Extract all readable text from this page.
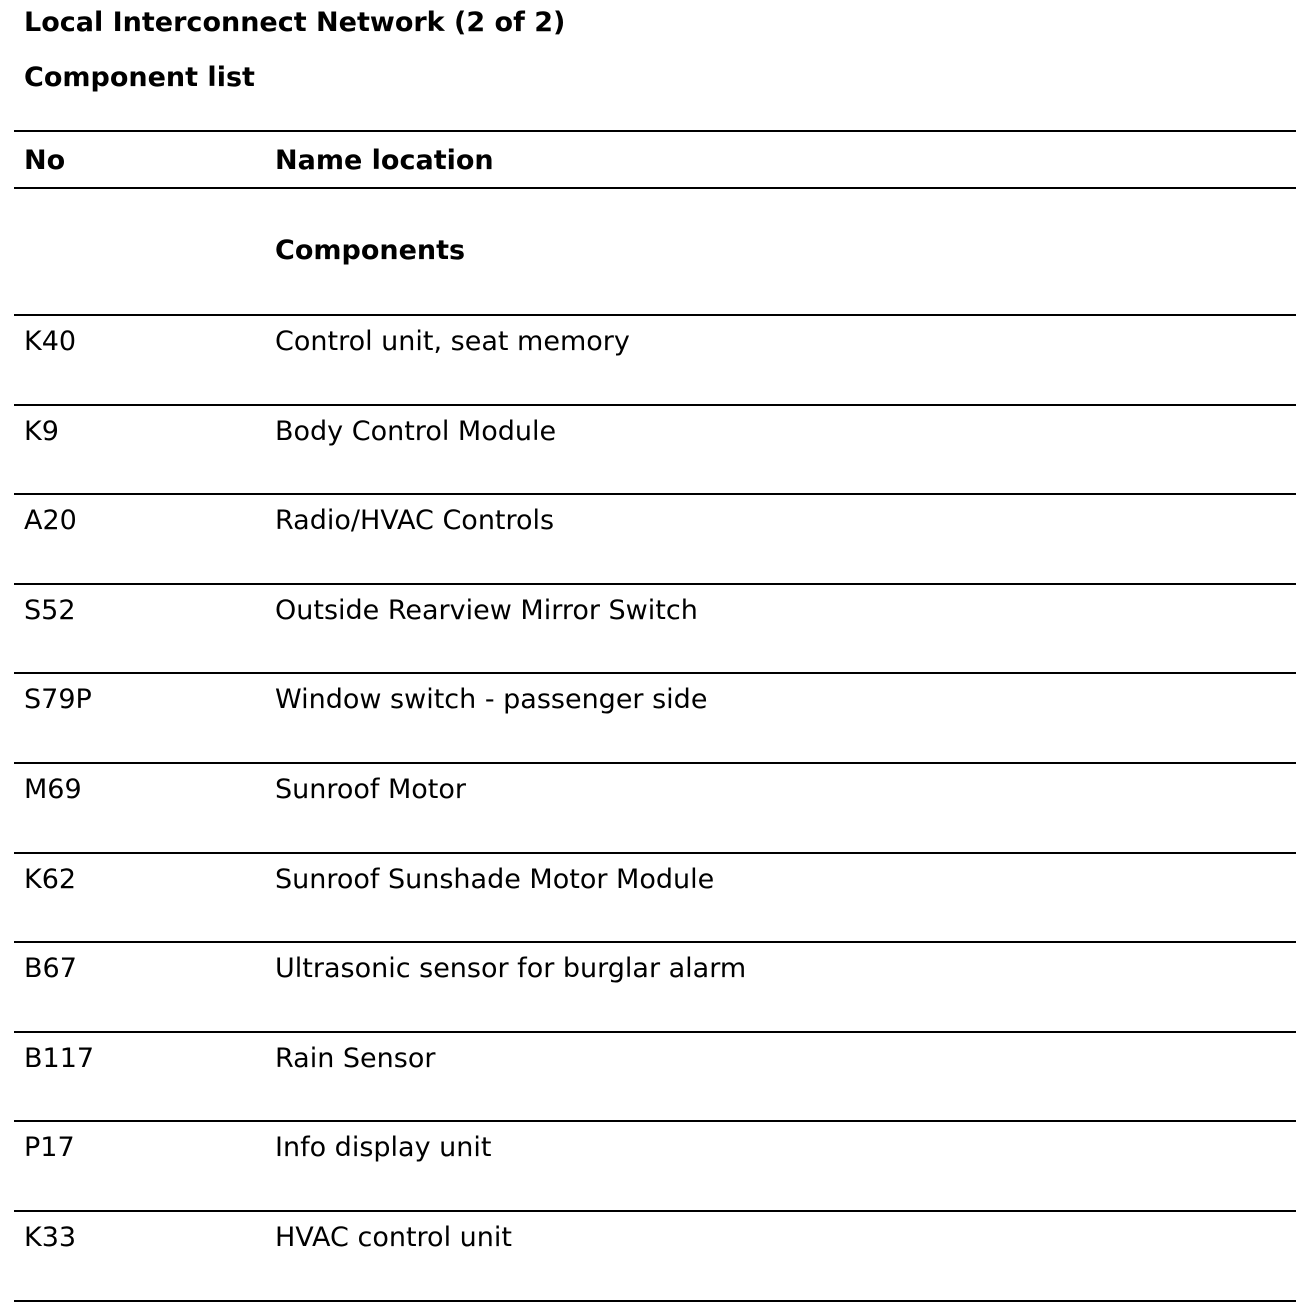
Local Interconnect Network (2 of 2)
Component list
No	Name location
Components
K40	Control unit, seat memory
K9	Body Control Module
A20	Radio/HVAC Controls
S52	Outside Rearview Mirror Switch
S79P	Window switch - passenger side
M69	Sunroof Motor
K62	Sunroof Sunshade Motor Module
B67	Ultrasonic sensor for burglar alarm
B117	Rain Sensor
P17	Info display unit
K33	HVAC control unit
